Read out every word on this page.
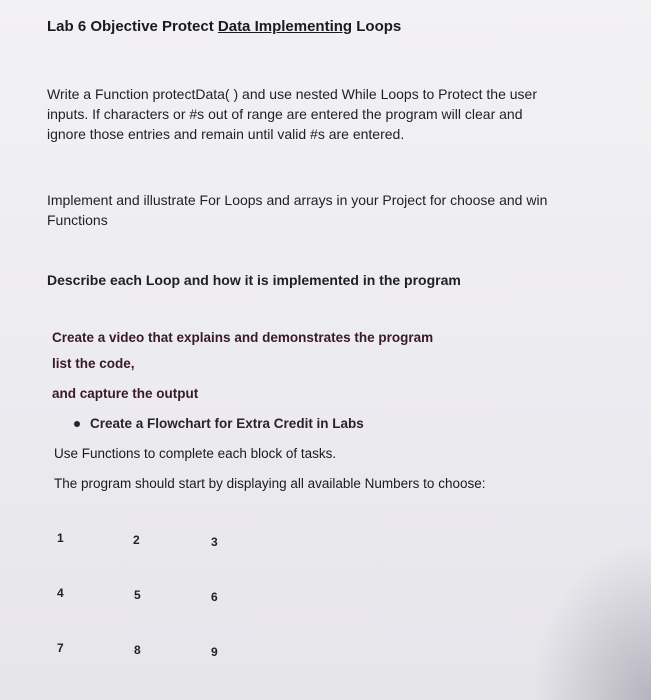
Lab 6 Objective Protect Data Implementing Loops
Write a Function protectData( ) and use nested While Loops to Protect the user
inputs. If characters or #s out of range are entered the program will clear and
ignore those entries and remain until valid #s are entered.
Implement and illustrate For Loops and arrays in your Project for choose and win
Functions
Describe each Loop and how it is implemented in the program
Create a video that explains and demonstrates the program
list the code,
and capture the output
Create a Flowchart for Extra Credit in Labs
Use Functions to complete each block of tasks.
The program should start by displaying all available Numbers to choose:
1	2	3
4	5	6
7	8	9
